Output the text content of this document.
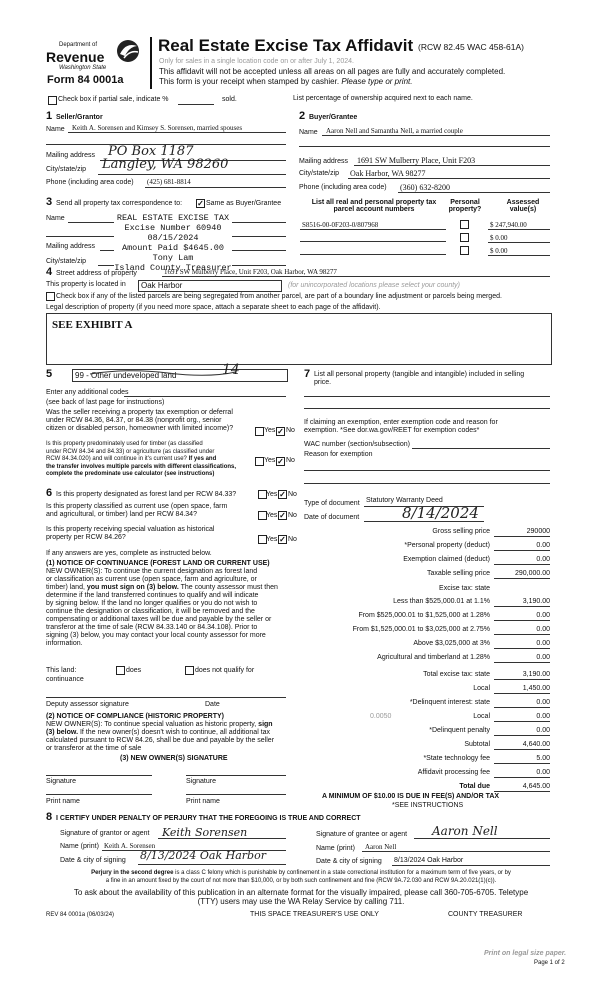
Department of
Revenue
Washington State
Form 84 0001a
Real Estate Excise Tax Affidavit (RCW 82.45 WAC 458-61A)
Only for sales in a single location code on or after July 1, 2024.
This affidavit will not be accepted unless all areas on all pages are fully and accurately completed.
This form is your receipt when stamped by cashier. Please type or print.
Check box if partial sale, indicate %	sold.	List percentage of ownership acquired next to each name.
1 Seller/Grantor
Name Keith A. Sorensen and Kimsey S. Sorensen, married spouses
Mailing address PO Box 1187
City/state/zip Langley, WA 98260
Phone (including area code) (425) 681-8814
2 Buyer/Grantee
Name Aaron Nell and Samantha Nell, a married couple
Mailing address 1691 SW Mulberry Place, Unit F203
City/state/zip Oak Harbor, WA 98277
Phone (including area code) (360) 632-8200
3 Send all property tax correspondence to: ✓ Same as Buyer/Grantee
Name
Mailing address
City/state/zip
REAL ESTATE EXCISE TAX
Excise Number 60940
08/15/2024
Amount Paid $4645.00
Tony Lam
Island County Treasurer
List all real and personal property tax
parcel account numbers
Personal
property?
Assessed
value(s)
S8516-00-0F203-0/807968	$ 247,940.00
$ 0.00
$ 0.00
4 Street address of property	1691 SW Mulberry Place, Unit F203, Oak Harbor, WA 98277
This property is located in	Oak Harbor	(for unincorporated locations please select your county)
Check box if any of the listed parcels are being segregated from another parcel, are part of a boundary line adjustment or parcels being merged.
Legal description of property (if you need more space, attach a separate sheet to each page of the affidavit).
SEE EXHIBIT A
5	99 - Other undeveloped land	14
Enter any additional codes
(see back of last page for instructions)
Was the seller receiving a property tax exemption or deferral
under RCW 84.36, 84.37, or 84.38 (nonprofit org., senior
citizen or disabled person, homeowner with limited income)?	Yes ✓ No
Is this property predominately used for timber (as classified
under RCW 84.34 and 84.33) or agriculture (as classified under
RCW 84.34.020) and will continue in it's current use? If yes and
the transfer involves multiple parcels with different classifications,
complete the predominate use calculator (see instructions)
Yes ✓ No
7 List all personal property (tangible and intangible) included in selling
price.
If claiming an exemption, enter exemption code and reason for
exemption. *See dor.wa.gov/REET for exemption codes*
WAC number (section/subsection)
Reason for exemption
6 Is this property designated as forest land per RCW 84.33?	Yes ✓ No
Is this property classified as current use (open space, farm
and agricultural, or timber) land per RCW 84.34?	Yes ✓ No
Is this property receiving special valuation as historical
property per RCW 84.26?	Yes ✓ No
If any answers are yes, complete as instructed below.
(1) NOTICE OF CONTINUANCE (FOREST LAND OR CURRENT USE)
NEW OWNER(S): To continue the current designation as forest land
or classification as current use (open space, farm and agriculture, or
timber) land, you must sign on (3) below. The county assessor must then
determine if the land transferred continues to qualify and will indicate
by signing below. If the land no longer qualifies or you do not wish to
continue the designation or classification, it will be removed and the
compensating or additional taxes will be due and payable by the seller or
transferor at the time of sale (RCW 84.33.140 or 84.34.108). Prior to
signing (3) below, you may contact your local county assessor for more
information.
This land:
continuance
does	does not qualify for
Deputy assessor signature	Date
(2) NOTICE OF COMPLIANCE (HISTORIC PROPERTY)
NEW OWNER(S): To continue special valuation as historic property, sign
(3) below. If the new owner(s) doesn't wish to continue, all additional tax
calculated pursuant to RCW 84.26, shall be due and payable by the seller
or transferor at the time of sale
(3) NEW OWNER(S) SIGNATURE
Signature	Signature
Print name	Print name
Type of document Statutory Warranty Deed
Date of document	8/14/2024
Gross selling price	290000
*Personal property (deduct)	0.00
Exemption claimed (deduct)	0.00
Taxable selling price	290,000.00
Excise tax: state
Less than $525,000.01 at 1.1%	3,190.00
From $525,000.01 to $1,525,000 at 1.28%	0.00
From $1,525,000.01 to $3,025,000 at 2.75%	0.00
Above $3,025,000 at 3%	0.00
Agricultural and timberland at 1.28%	0.00
Total excise tax: state	3,190.00
Local	1,450.00
*Delinquent interest: state	0.00
Local	0.00
*Delinquent penalty	0.00
Subtotal	4,640.00
*State technology fee	5.00
Affidavit processing fee	0.00
Total due	4,645.00
0.0050
A MINIMUM OF $10.00 IS DUE IN FEE(S) AND/OR TAX
*SEE INSTRUCTIONS
8 I CERTIFY UNDER PENALTY OF PERJURY THAT THE FOREGOING IS TRUE AND CORRECT
Signature of grantor or agent Keith Sorensen
Name (print) Keith A. Sorensen
Date & city of signing 8/13/2024 Oak Harbor
Signature of grantee or agent Aaron Nell
Name (print) Aaron Nell
Date & city of signing 8/13/2024 Oak Harbor
Perjury in the second degree is a class C felony which is punishable by confinement in a state correctional institution for a maximum term of five years, or by
a fine in an amount fixed by the court of not more than $10,000, or by both such confinement and fine (RCW 9A.72.030 and RCW 9A.20.021(1)(c)).
To ask about the availability of this publication in an alternate format for the visually impaired, please call 360-705-6705. Teletype
(TTY) users may use the WA Relay Service by calling 711.
REV 84 0001a (06/03/24)	THIS SPACE TREASURER'S USE ONLY	COUNTY TREASURER
Print on legal size paper.
Page 1 of 2
